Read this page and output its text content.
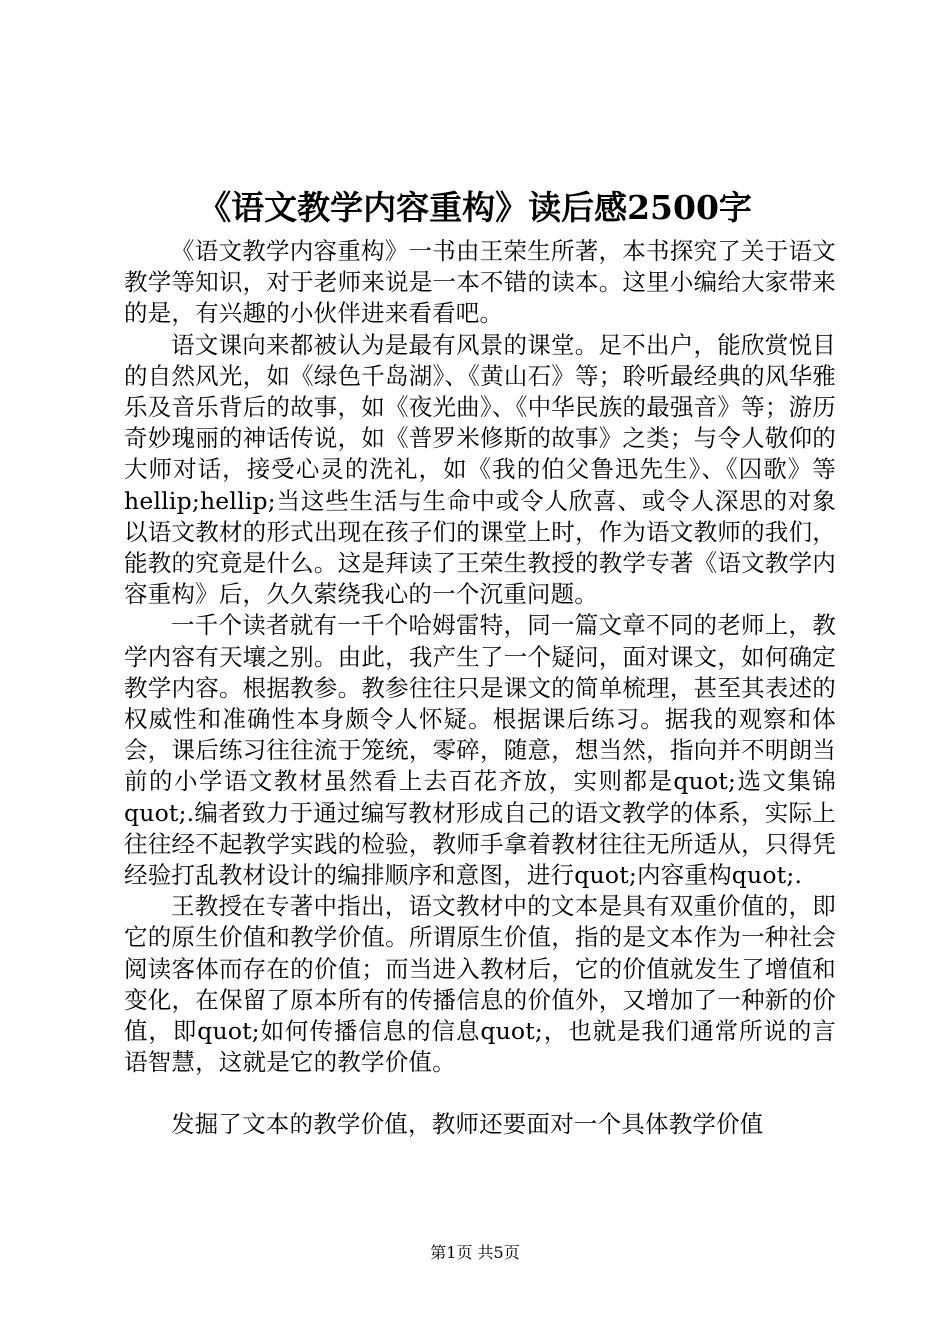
《语文教学内容重构》读后感2500字

《语文教学内容重构》一书由王荣生所著，本书探究了关于语文教学等知识，对于老师来说是一本不错的读本。这里小编给大家带来的是，有兴趣的小伙伴进来看看吧。

语文课向来都被认为是最有风景的课堂。足不出户，能欣赏悦目的自然风光，如《绿色千岛湖》、《黄山石》等；聆听最经典的风华雅乐及音乐背后的故事，如《夜光曲》、《中华民族的最强音》等；游历奇妙瑰丽的神话传说，如《普罗米修斯的故事》之类；与令人敬仰的大师对话，接受心灵的洗礼，如《我的伯父鲁迅先生》、《囚歌》等hellip;hellip;当这些生活与生命中或令人欣喜、或令人深思的对象以语文教材的形式出现在孩子们的课堂上时，作为语文教师的我们，能教的究竟是什么。这是拜读了王荣生教授的教学专著《语文教学内容重构》后，久久萦绕我心的一个沉重问题。

一千个读者就有一千个哈姆雷特，同一篇文章不同的老师上，教学内容有天壤之别。由此，我产生了一个疑问，面对课文，如何确定教学内容。根据教参。教参往往只是课文的简单梳理，甚至其表述的权威性和准确性本身颇令人怀疑。根据课后练习。据我的观察和体会，课后练习往往流于笼统，零碎，随意，想当然，指向并不明朗当前的小学语文教材虽然看上去百花齐放，实则都是quot;选文集锦quot;.编者致力于通过编写教材形成自己的语文教学的体系，实际上往往经不起教学实践的检验，教师手拿着教材往往无所适从，只得凭经验打乱教材设计的编排顺序和意图，进行quot;内容重构quot;.

王教授在专著中指出，语文教材中的文本是具有双重价值的，即它的原生价值和教学价值。所谓原生价值，指的是文本作为一种社会阅读客体而存在的价值；而当进入教材后，它的价值就发生了增值和变化，在保留了原本所有的传播信息的价值外，又增加了一种新的价值，即quot;如何传播信息的信息quot;，也就是我们通常所说的言语智慧，这就是它的教学价值。

发掘了文本的教学价值，教师还要面对一个具体教学价值

第1页 共5页
